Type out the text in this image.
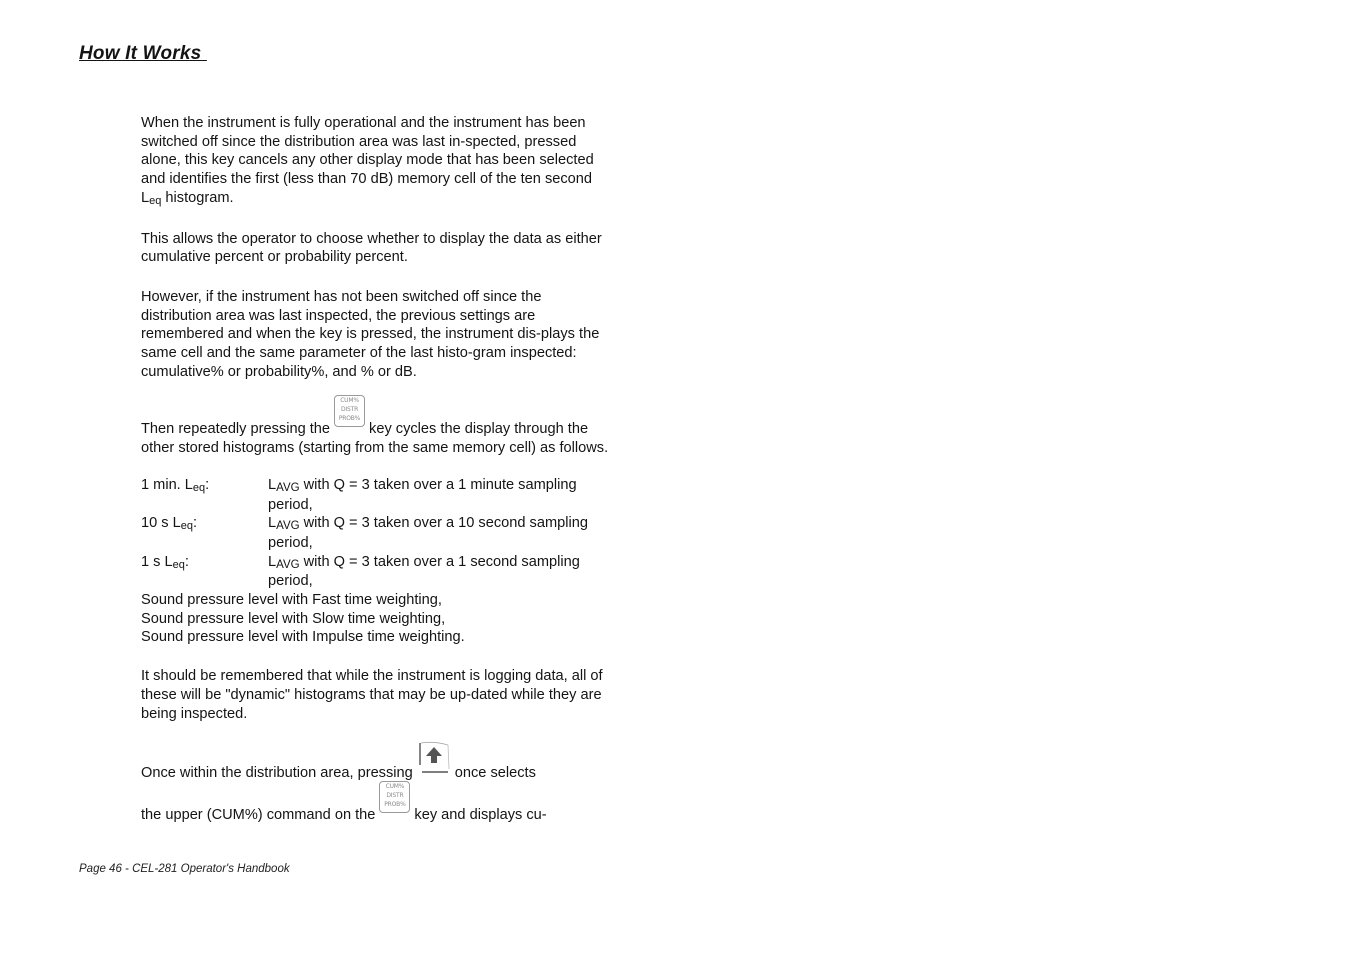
How It Works

When the instrument is fully operational and the instrument has been switched off since the distribution area was last in-spected, pressed alone, this key cancels any other display mode that has been selected and identifies the first (less than 70 dB) memory cell of the ten second Leq histogram.

This allows the operator to choose whether to display the data as either cumulative percent or probability percent.

However, if the instrument has not been switched off since the distribution area was last inspected, the previous settings are remembered and when the key is pressed, the instrument dis-plays the same cell and the same parameter of the last histo-gram inspected: cumulative% or probability%, and % or dB.

Then repeatedly pressing the
CUM%
DISTR
PROB%
key cycles the display through the other stored histograms (starting from the same memory cell) as follows.

1 min. Leq:	LAVG with Q = 3 taken over a 1 minute sampling period,
10 s Leq:	LAVG with Q = 3 taken over a 10 second sampling period,
1 s Leq:	LAVG with Q = 3 taken over a 1 second sampling period,
Sound pressure level with Fast time weighting,
Sound pressure level with Slow time weighting,
Sound pressure level with Impulse time weighting.

It should be remembered that while the instrument is logging data, all of these will be "dynamic" histograms that may be up-dated while they are being inspected.

Once within the distribution area, pressing	once selects

the upper (CUM%) command on the
CUM%
DISTR
PROB%
key and displays cu-

Page 46 - CEL-281 Operator's Handbook
